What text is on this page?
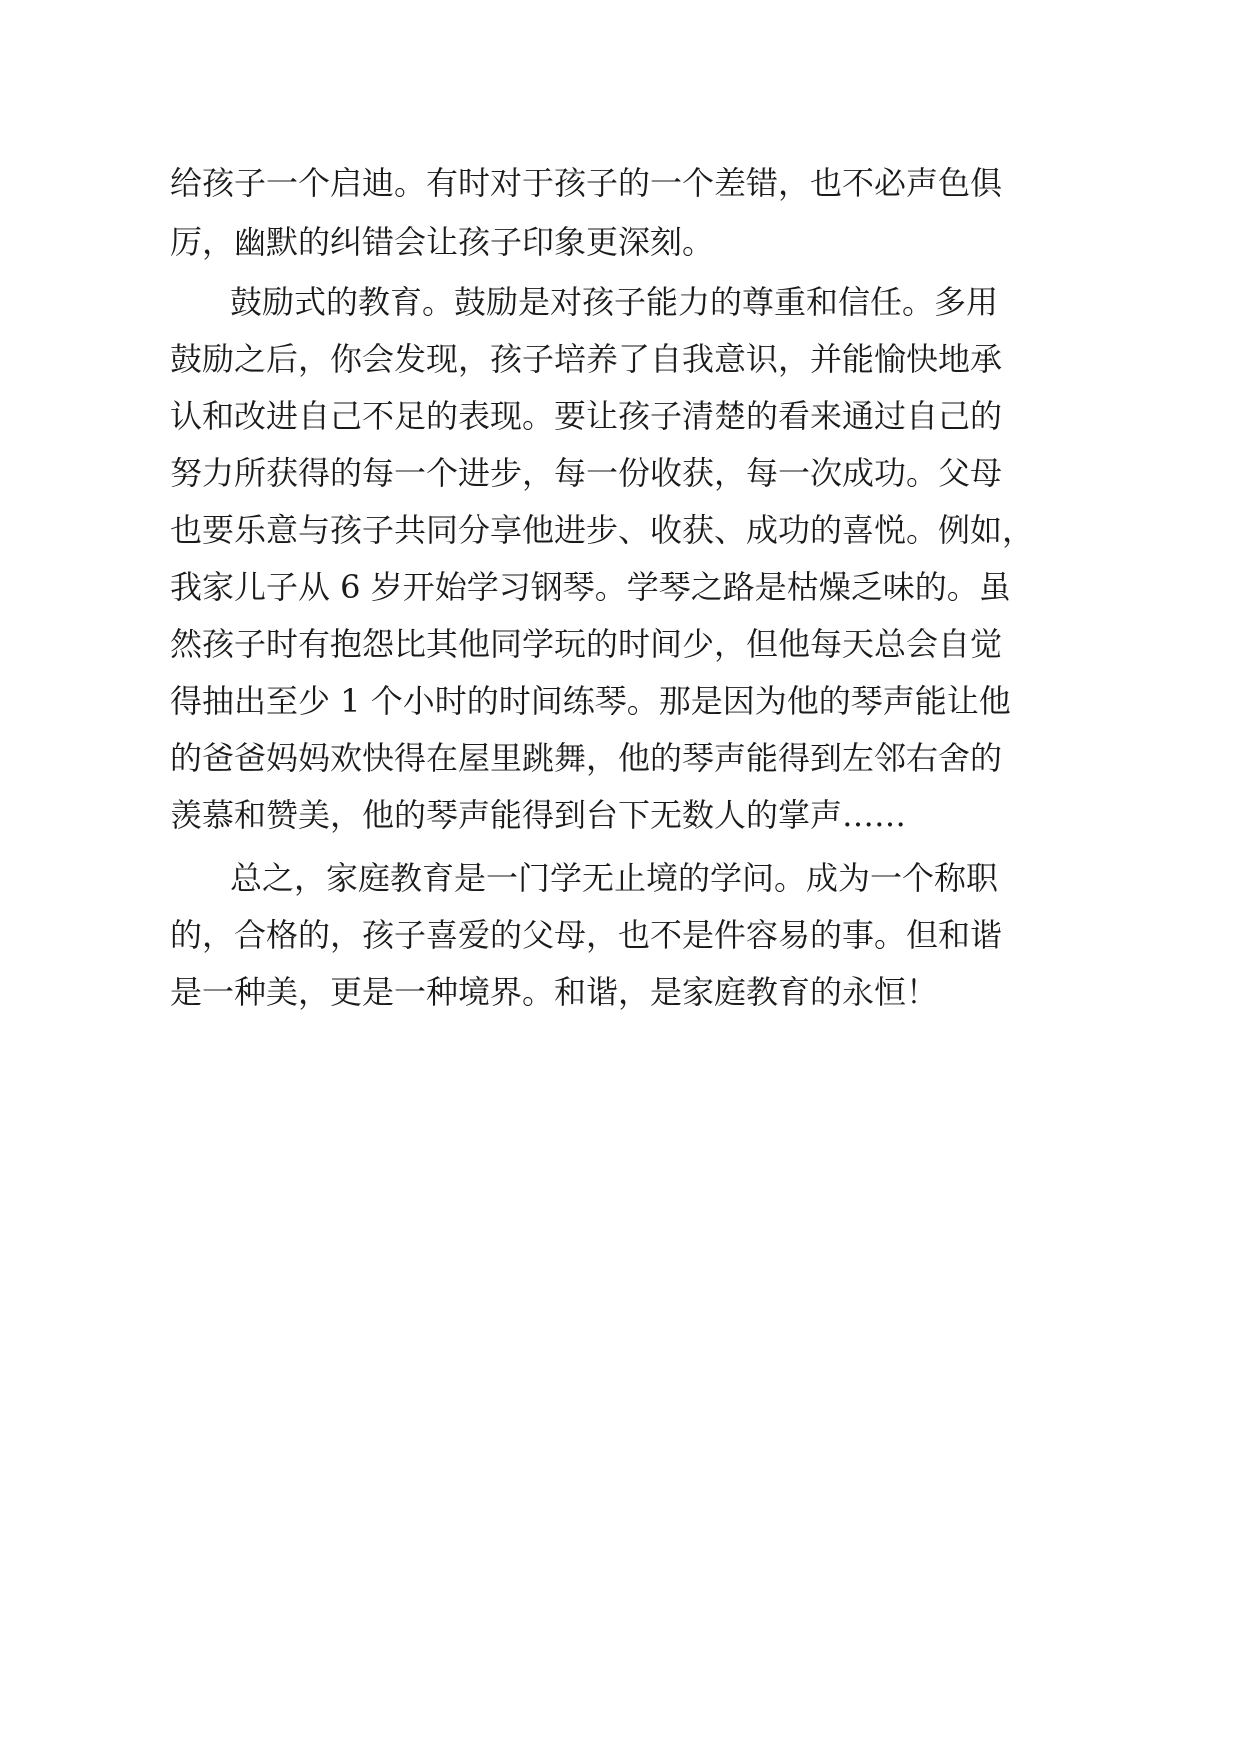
给孩子一个启迪。有时对于孩子的一个差错，也不必声色俱
厉，幽默的纠错会让孩子印象更深刻。
鼓励式的教育。鼓励是对孩子能力的尊重和信任。多用
鼓励之后，你会发现，孩子培养了自我意识，并能愉快地承
认和改进自己不足的表现。要让孩子清楚的看来通过自己的
努力所获得的每一个进步，每一份收获，每一次成功。父母
也要乐意与孩子共同分享他进步、收获、成功的喜悦。例如，
我家儿子从 6 岁开始学习钢琴。学琴之路是枯燥乏味的。虽
然孩子时有抱怨比其他同学玩的时间少，但他每天总会自觉
得抽出至少 1 个小时的时间练琴。那是因为他的琴声能让他
的爸爸妈妈欢快得在屋里跳舞，他的琴声能得到左邻右舍的
羡慕和赞美，他的琴声能得到台下无数人的掌声……
总之，家庭教育是一门学无止境的学问。成为一个称职
的，合格的，孩子喜爱的父母，也不是件容易的事。但和谐
是一种美，更是一种境界。和谐，是家庭教育的永恒！
